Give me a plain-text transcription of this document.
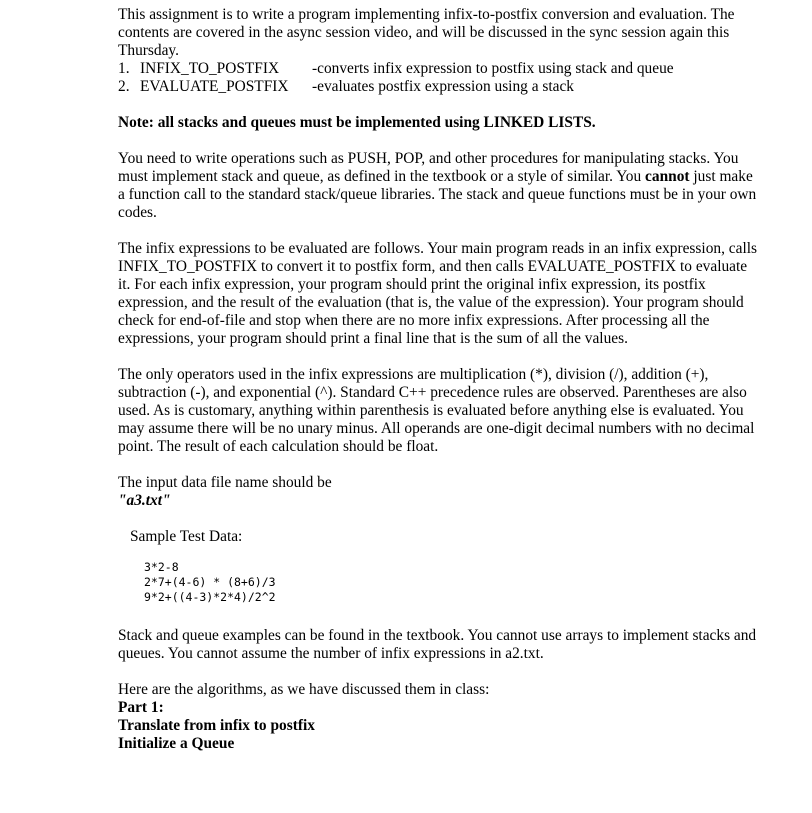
This assignment is to write a program implementing infix-to-postfix conversion and evaluation. The contents are covered in the async session video, and will be discussed in the sync session again this Thursday.

1. INFIX_TO_POSTFIX	-converts infix expression to postfix using stack and queue
2. EVALUATE_POSTFIX	-evaluates postfix expression using a stack

Note: all stacks and queues must be implemented using LINKED LISTS.

You need to write operations such as PUSH, POP, and other procedures for manipulating stacks. You must implement stack and queue, as defined in the textbook or a style of similar. You cannot just make a function call to the standard stack/queue libraries. The stack and queue functions must be in your own codes.

The infix expressions to be evaluated are follows. Your main program reads in an infix expression, calls INFIX_TO_POSTFIX to convert it to postfix form, and then calls EVALUATE_POSTFIX to evaluate it. For each infix expression, your program should print the original infix expression, its postfix expression, and the result of the evaluation (that is, the value of the expression). Your program should check for end-of-file and stop when there are no more infix expressions. After processing all the expressions, your program should print a final line that is the sum of all the values.

The only operators used in the infix expressions are multiplication (*), division (/), addition (+), subtraction (-), and exponential (^). Standard C++ precedence rules are observed. Parentheses are also used. As is customary, anything within parenthesis is evaluated before anything else is evaluated. You may assume there will be no unary minus. All operands are one-digit decimal numbers with no decimal point. The result of each calculation should be float.

The input data file name should be
"a3.txt"
Sample Test Data:
3*2-8
2*7+(4-6) * (8+6)/3
9*2+((4-3)*2*4)/2^2

Stack and queue examples can be found in the textbook. You cannot use arrays to implement stacks and queues. You cannot assume the number of infix expressions in a2.txt.

Here are the algorithms, as we have discussed them in class:
Part 1:
Translate from infix to postfix
Initialize a Queue
